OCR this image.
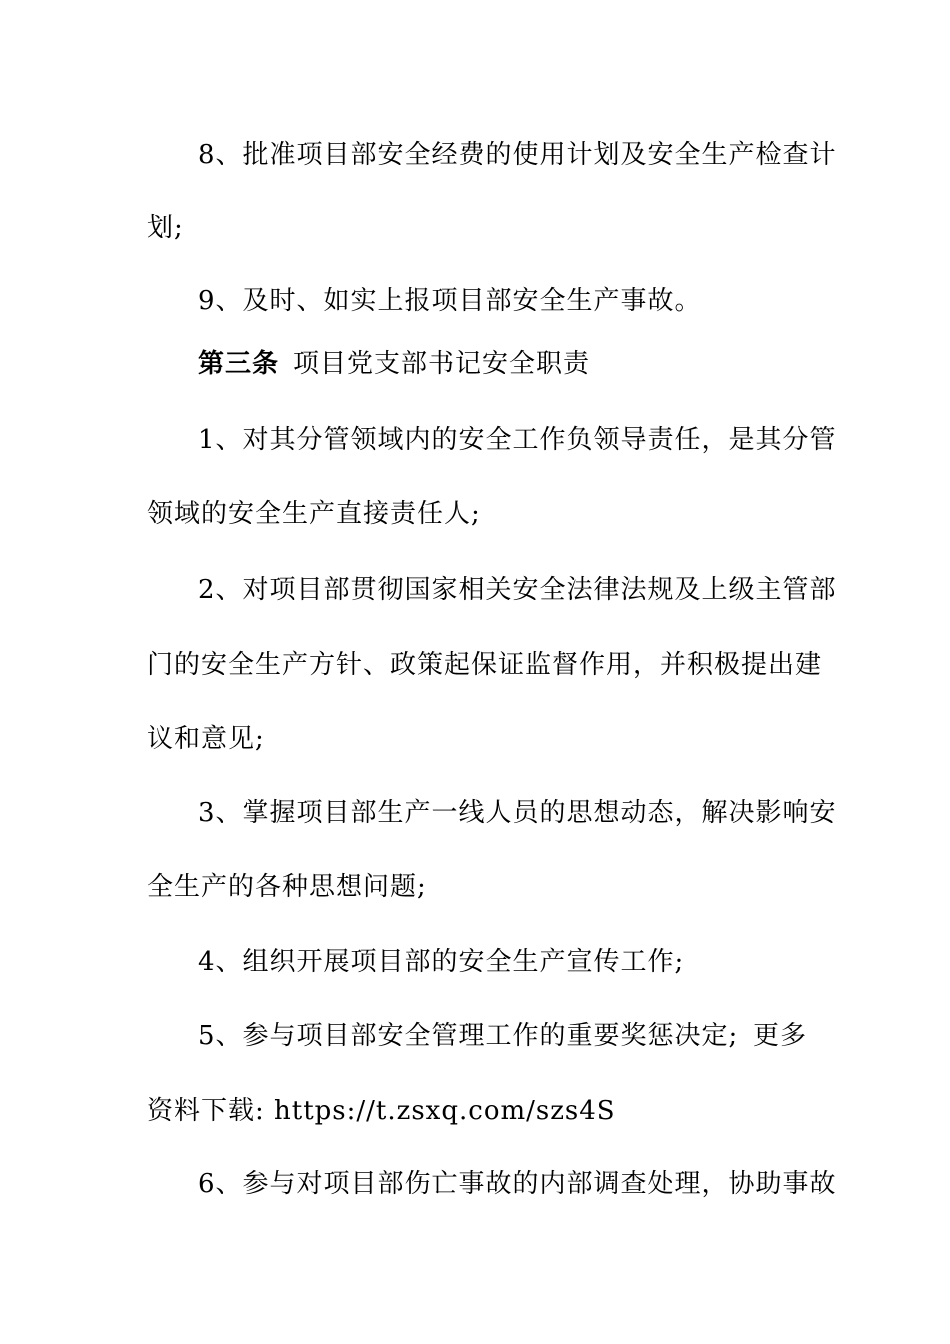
8、批准项目部安全经费的使用计划及安全生产检查计
划;
9、及时、如实上报项目部安全生产事故。
第三条 项目党支部书记安全职责
1、对其分管领域内的安全工作负领导责任，是其分管
领域的安全生产直接责任人;
2、对项目部贯彻国家相关安全法律法规及上级主管部
门的安全生产方针、政策起保证监督作用，并积极提出建
议和意见;
3、掌握项目部生产一线人员的思想动态，解决影响安
全生产的各种思想问题;
4、组织开展项目部的安全生产宣传工作;
5、参与项目部安全管理工作的重要奖惩决定; 更多
资料下载: https://t.zsxq.com/szs4S
6、参与对项目部伤亡事故的内部调查处理，协助事故
